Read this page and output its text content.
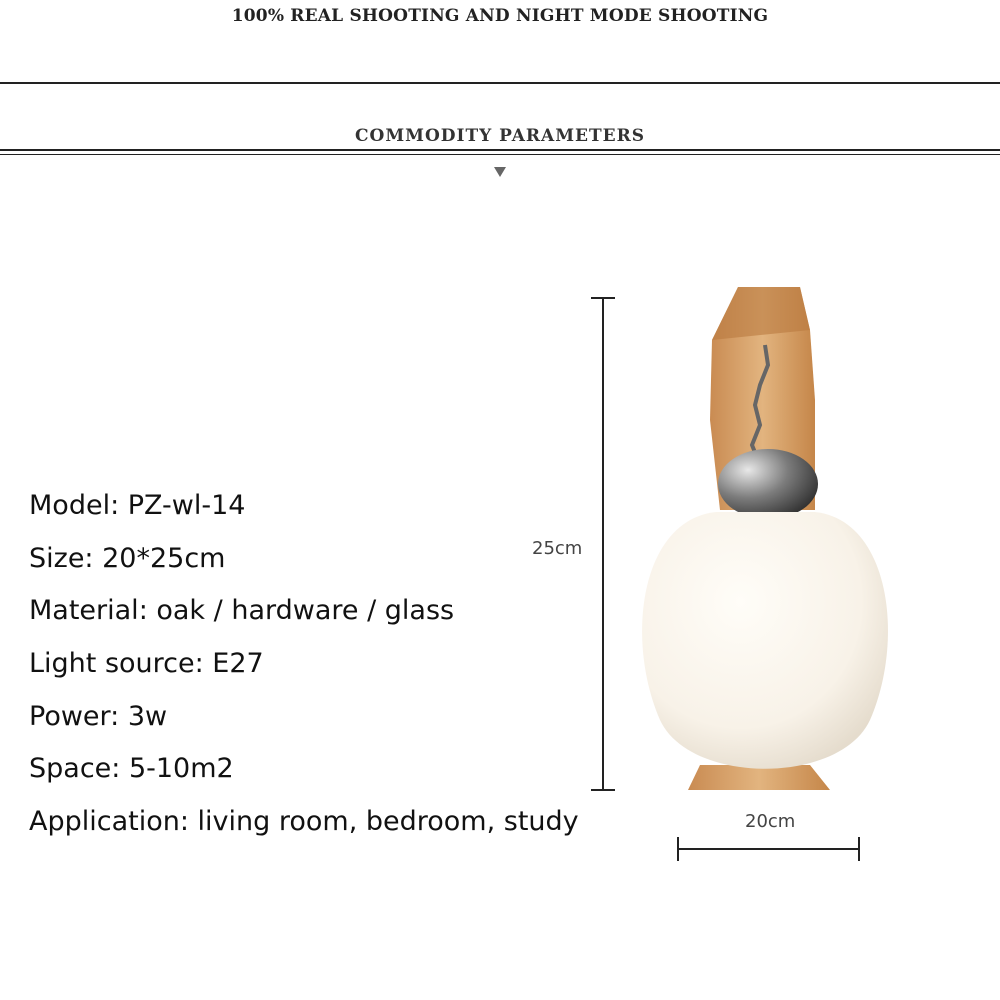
100% REAL SHOOTING AND NIGHT MODE SHOOTING
COMMODITY PARAMETERS
Model: PZ-wl-14
Size: 20*25cm
Material: oak / hardware / glass
Light source: E27
Power: 3w
Space: 5-10m2
Application: living room, bedroom, study
25cm
20cm
